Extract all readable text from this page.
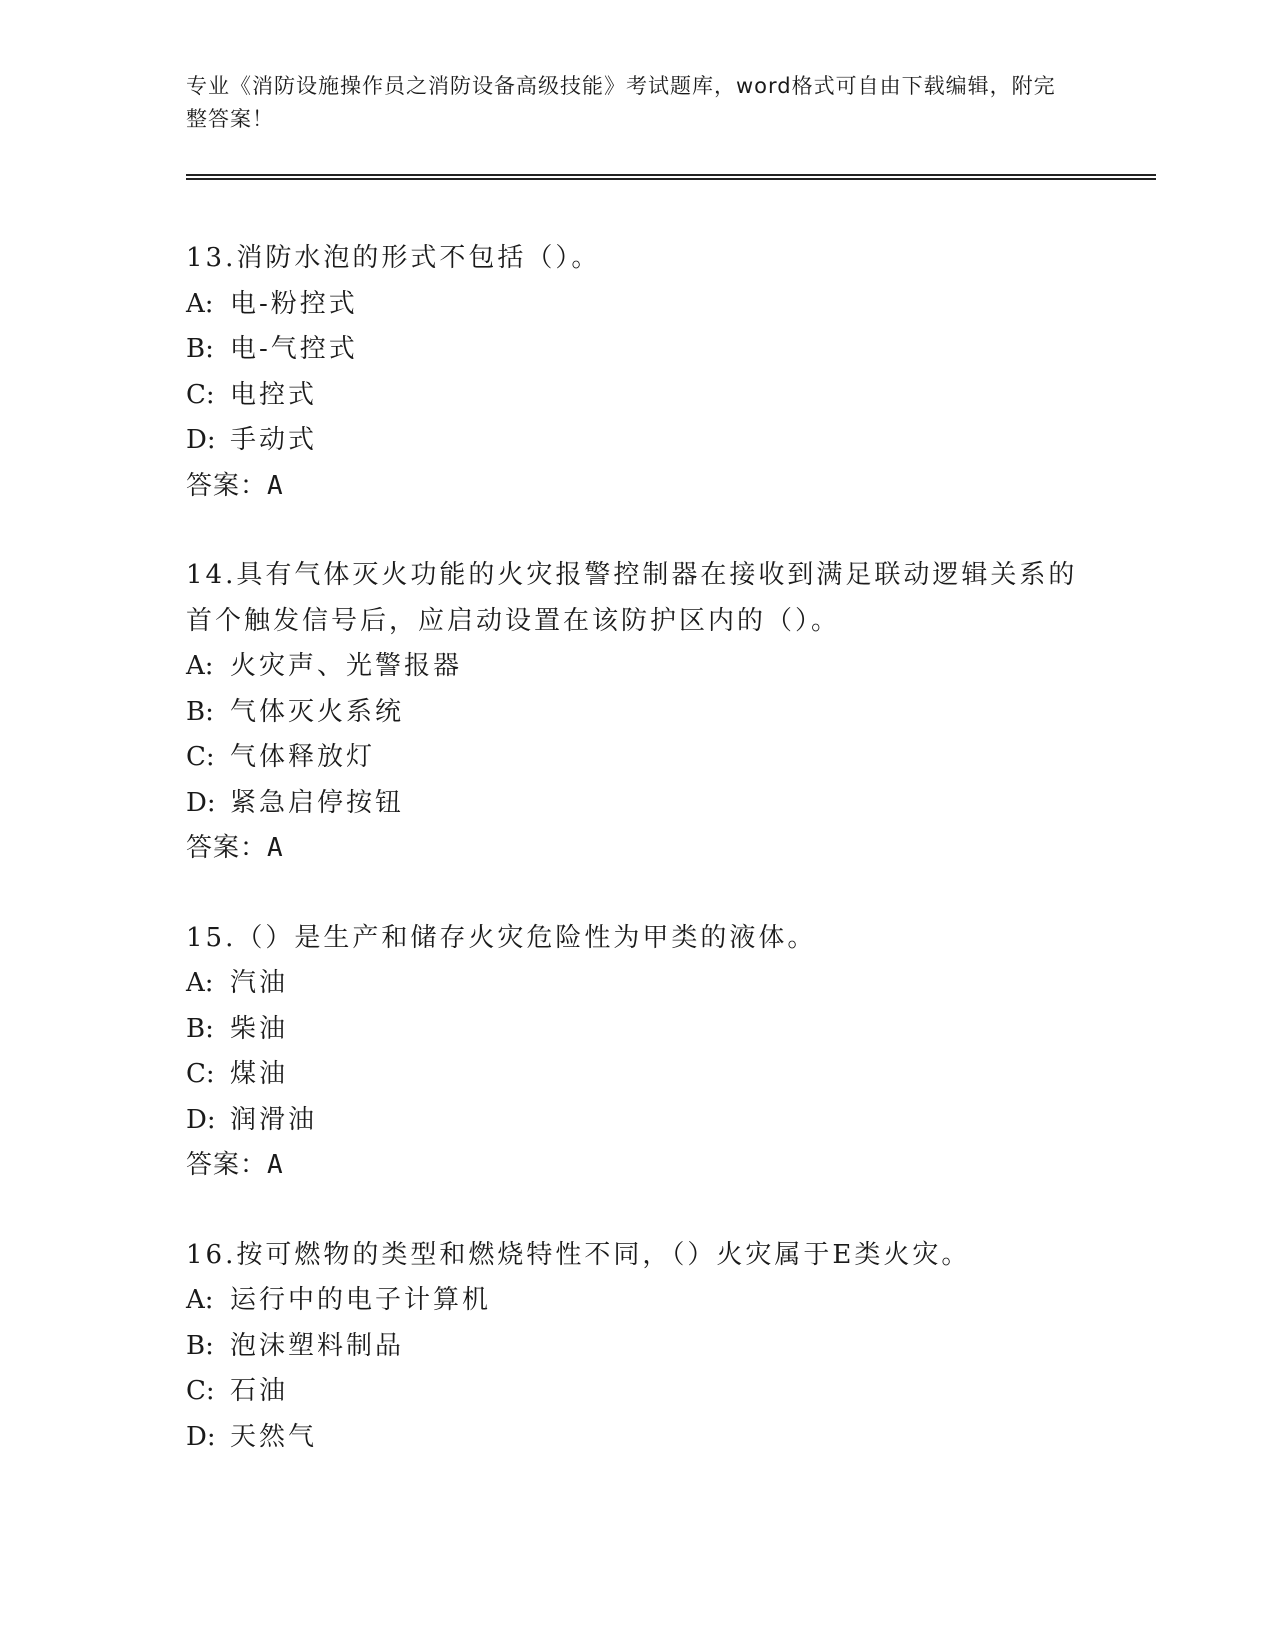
专业《消防设施操作员之消防设备高级技能》考试题库，word格式可自由下载编辑，附完整答案！

13.消防水泡的形式不包括（）。

A: 电-粉控式

B: 电-气控式

C: 电控式

D: 手动式

答案：A

14.具有气体灭火功能的火灾报警控制器在接收到满足联动逻辑关系的首个触发信号后，应启动设置在该防护区内的（）。

A: 火灾声、光警报器

B: 气体灭火系统

C: 气体释放灯

D: 紧急启停按钮

答案：A

15.（）是生产和储存火灾危险性为甲类的液体。

A: 汽油

B: 柴油

C: 煤油

D: 润滑油

答案：A

16.按可燃物的类型和燃烧特性不同，（）火灾属于E类火灾。

A: 运行中的电子计算机

B: 泡沫塑料制品

C: 石油

D: 天然气
